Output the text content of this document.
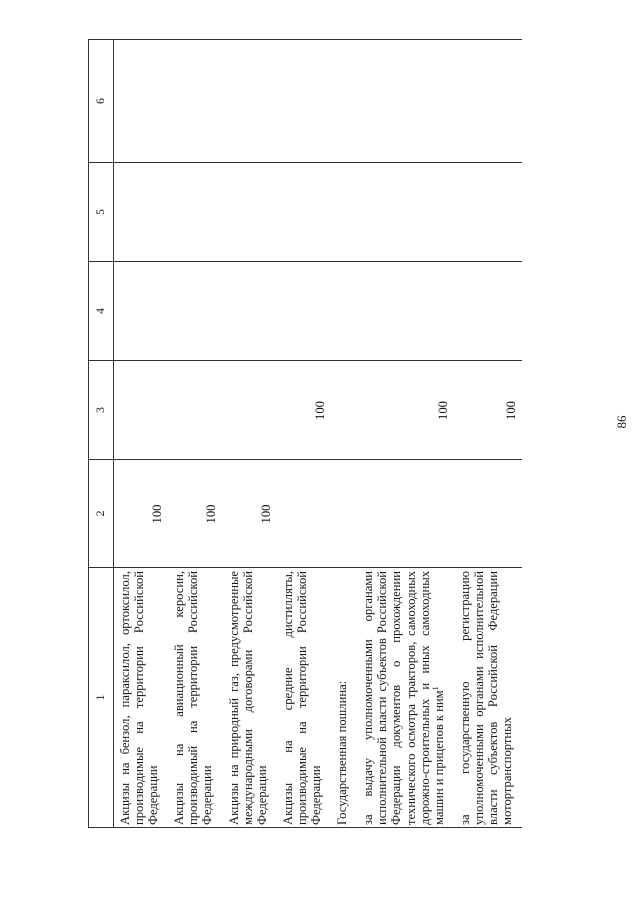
86
1	2	3	4	5	6
Акцизы на бензол, параксилол, ортоксилол, производимые на территории Российской Федерации	100				
Акцизы на авиационный керосин, производимый на территории Российской Федерации	100				
Акцизы на природный газ, предусмотренные международными договорами Российской Федерации	100				
Акцизы на средние дистилляты, производимые на территории Российской Федерации		100			
Государственная пошлина:					
за выдачу уполномоченными органами исполнительной власти субъектов Российской Федерации документов о прохождении технического осмотра тракторов, самоходных дорожно-строительных и иных самоходных машин и прицепов к ним$^1$		100			
за государственную регистрацию уполномоченными органами исполнительной власти субъектов Российской Федерации мотортранспортных		100			
